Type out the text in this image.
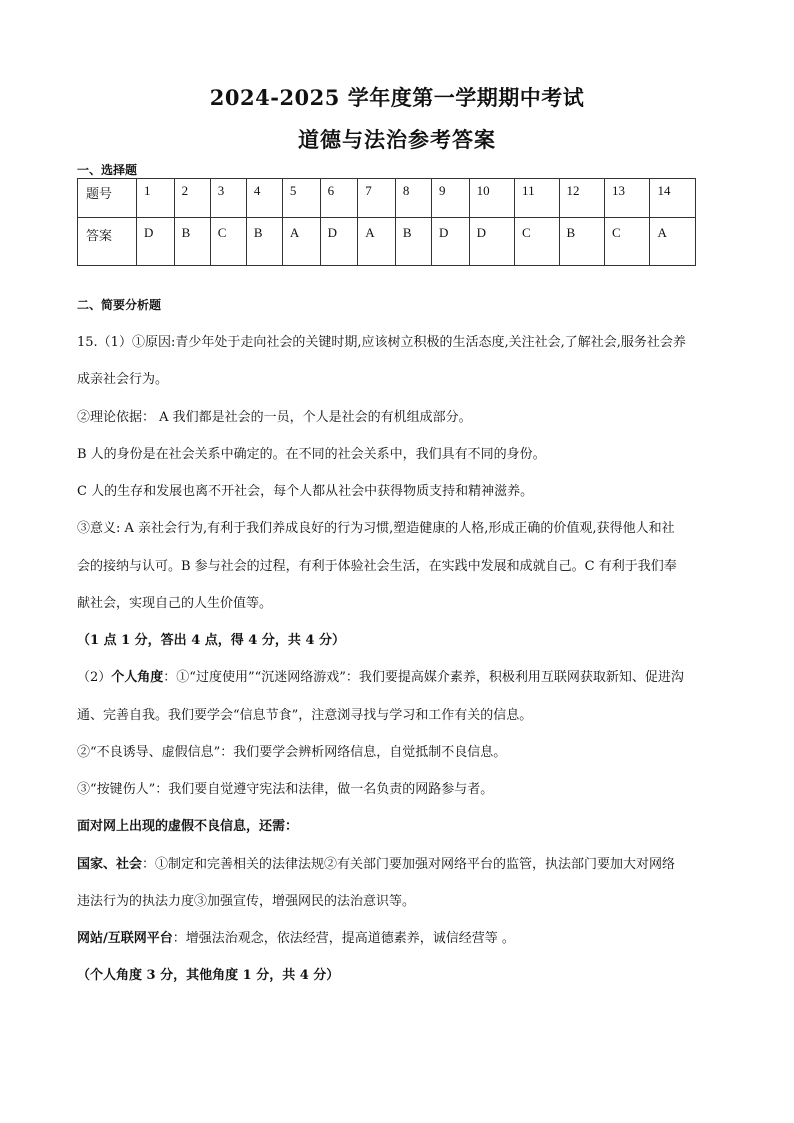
2024-2025 学年度第一学期期中考试
道德与法治参考答案
一、选择题
题号	1	2	3	4	5	6	7	8	9	10	11	12	13	14
答案	D	B	C	B	A	D	A	B	D	D	C	B	C	A
二、简要分析题
15.（1）①原因:青少年处于走向社会的关键时期,应该树立积极的生活态度,关注社会,了解社会,服务社会养
成亲社会行为。
②理论依据： A 我们都是社会的一员，个人是社会的有机组成部分。
B 人的身份是在社会关系中确定的。在不同的社会关系中，我们具有不同的身份。
C 人的生存和发展也离不开社会，每个人都从社会中获得物质支持和精神滋养。
③意义: A 亲社会行为,有利于我们养成良好的行为习惯,塑造健康的人格,形成正确的价值观,获得他人和社
会的接纳与认可。B 参与社会的过程，有利于体验社会生活，在实践中发展和成就自己。C 有利于我们奉
献社会，实现自己的人生价值等。
（1 点 1 分，答出 4 点，得 4 分，共 4 分）
（2）个人角度：①“过度使用”“沉迷网络游戏”：我们要提高媒介素养，积极利用互联网获取新知、促进沟
通、完善自我。我们要学会“信息节食”，注意浏寻找与学习和工作有关的信息。
②“不良诱导、虚假信息”：我们要学会辨析网络信息，自觉抵制不良信息。
③“按键伤人”：我们要自觉遵守宪法和法律，做一名负责的网路参与者。
面对网上出现的虚假不良信息，还需：
国家、社会：①制定和完善相关的法律法规②有关部门要加强对网络平台的监管，执法部门要加大对网络
违法行为的执法力度③加强宣传，增强网民的法治意识等。
网站/互联网平台：增强法治观念，依法经营，提高道德素养，诚信经营等 。
（个人角度 3 分，其他角度 1 分，共 4 分）
